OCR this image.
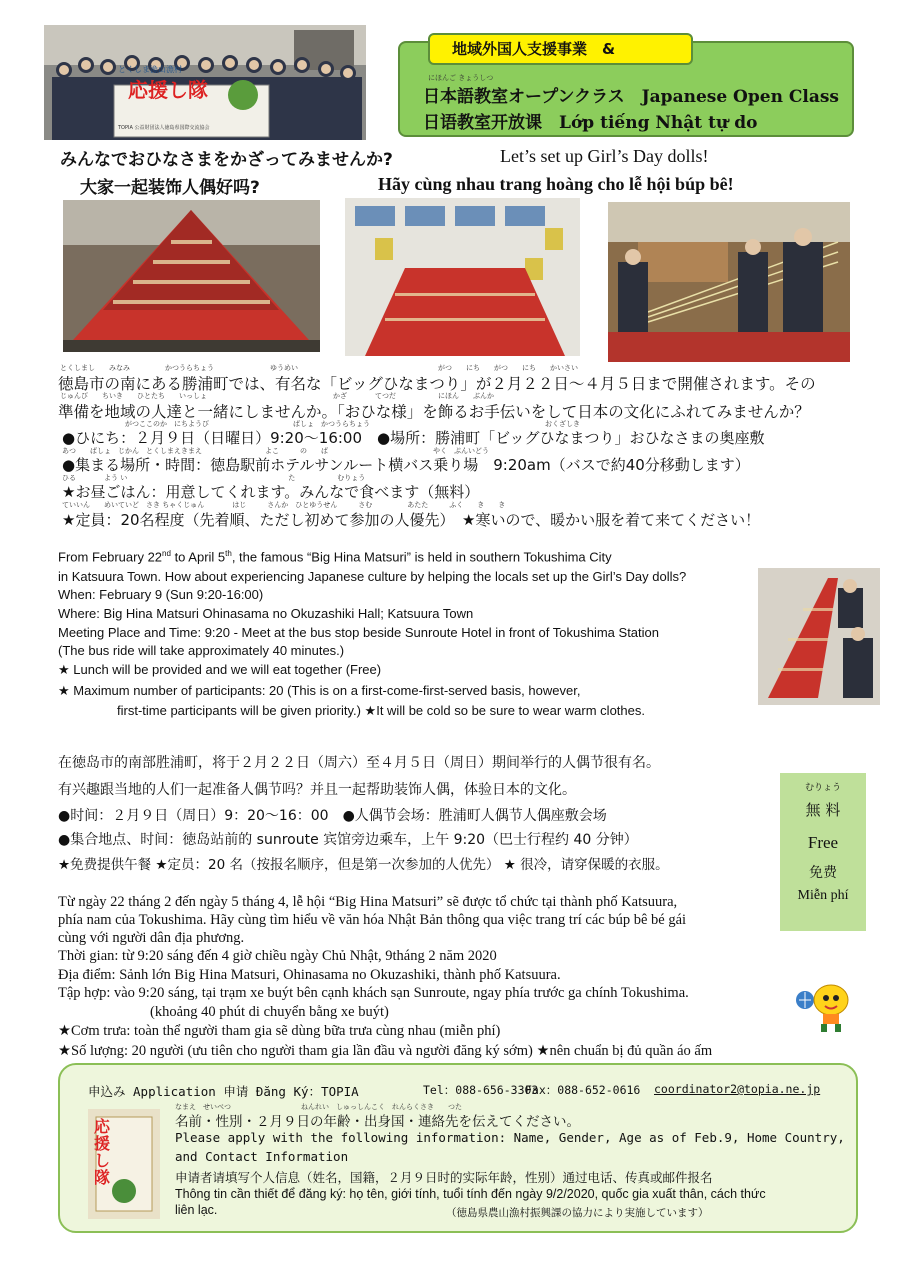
とくしま漁山漁村
応援し隊
TOPIA 公益財団法人徳島県国際交流協会
地域外国人支援事業　&
にほんご きょうしつ
日本語教室オープンクラス　Japanese Open Class
日语教室开放课　Lớp tiếng Nhật tự do
みんなでおひなさまをかざってみませんか?	Let’s set up Girl’s Day dolls!
大家一起装饰人偶好吗?	Hãy cùng nhau trang hoàng cho lễ hội búp bê!
とくしまし　　みなみ　　　　　かつうらちょう　　　　　　　　ゆうめい　　　　　　　　　　　　　　　　　　　　がつ　　にち　　がつ　　にち　　かいさい
徳島市の南にある勝浦町では、有名な「ビッグひなまつり」が２月２２日～４月５日まで開催されます。その
じゅんび　　ちいき　　ひとたち　　いっしょ　　　　　　　　　　　　　　　　　　かざ　　　　てつだ　　　　　　にほん　　ぶんか
準備を地域の人達と一緒にしませんか。「おひな様」を飾るお手伝いをして日本の文化にふれてみませんか？
　　　　　　　　　がつここのか　にちようび　　　　　　　　　　　　ばしょ　かつうらちょう　　　　　　　　　　　　　　　　　　　　　　　　　おくざしき
●ひにち：２月９日（日曜日）9:20～16:00　●場所：勝浦町「ビッグひなまつり」おひなさまの奥座敷
あつ　　ばしょ　じかん　とくしまえきまえ　　　　　　　　　よこ　　　の　　ば　　　　　　　　　　　　　　　やく　ぷんいどう
●集まる場所・時間：徳島駅前ホテルサンルート横バス乗り場　9:20am（バスで約40分移動します）
ひる　　　　よう い　　　　　　　　　　　　　　　　　　　　　　　た　　　　　　むりょう
★お昼ごはん：用意してくれます。みんなで食べます（無料）
ていいん　　めいていど　さき ちゃくじゅん　　　　はじ　　　さんか　ひとゆうせん　　　さむ　　　　　あたた　　　ふく　　き　　き
★定員：20名程度（先着順、ただし初めて参加の人優先）　★寒いので、暖かい服を着て来てください！
From February 22nd to April 5th, the famous “Big Hina Matsuri” is held in southern Tokushima City
in Katsuura Town. How about experiencing Japanese culture by helping the locals set up the Girl’s Day dolls?
When: February 9 (Sun 9:20-16:00)
Where: Big Hina Matsuri Ohinasama no Okuzashiki Hall; Katsuura Town
Meeting Place and Time: 9:20 - Meet at the bus stop beside Sunroute Hotel in front of Tokushima Station
(The bus ride will take approximately 40 minutes.)
★ Lunch will be provided and we will eat together (Free)
★ Maximum number of participants: 20 (This is on a first-come-first-served basis, however,
first-time participants will be given priority.) ★It will be cold so be sure to wear warm clothes.
在徳岛市的南部胜浦町，将于２月２２日（周六）至４月５日（周日）期间举行的人偶节很有名。
有兴趣跟当地的人们一起准备人偶节吗？并且一起帮助装饰人偶，体验日本的文化。
●时间：２月９日（周日）9：20～16：00　●人偶节会场：胜浦町人偶节人偶座敷会场
●集合地点、时间：徳岛站前的 sunroute 宾馆旁边乘车，上午 9:20（巴士行程约 40 分钟）
★免费提供午餐 ★定员：20 名（按报名顺序，但是第一次参加的人优先） ★ 很冷，请穿保暖的衣服。
むりょう
無 料
Free
免费
Miễn phí
Từ ngày 22 tháng 2 đến ngày 5 tháng 4, lễ hội “Big Hina Matsuri” sẽ được tổ chức tại thành phố Katsuura,
phía nam của Tokushima. Hãy cùng tìm hiểu về văn hóa Nhật Bản thông qua việc trang trí các búp bê bé gái
cùng với người dân địa phương.
Thời gian: từ 9:20 sáng đến 4 giờ chiều ngày Chủ Nhật, 9tháng 2 năm 2020
Địa điểm: Sảnh lớn Big Hina Matsuri, Ohinasama no Okuzashiki, thành phố Katsuura.
Tập hợp: vào 9:20 sáng, tại trạm xe buýt bên cạnh khách sạn Sunroute, ngay phía trước ga chính Tokushima.
(khoảng 40 phút di chuyển bằng xe buýt)
★Cơm trưa: toàn thể người tham gia sẽ dùng bữa trưa cùng nhau (miễn phí)
★Số lượng: 20 người (ưu tiên cho người tham gia lần đầu và người đăng ký sớm) ★nên chuẩn bị đủ quần áo ấm
申込み Application 申请 Đăng Ký：TOPIA	Tel：088-656-3303
Fax：088-652-0616 coordinator2@topia.ne.jp
応援し隊
なまえ　せいべつ　　　　　　　　　　ねんれい　しゅっしんこく　れんらくさき　　つた
名前・性別・２月９日の年齢・出身国・連絡先を伝えてください。
Please apply with the following information: Name, Gender, Age as of Feb.9, Home Country,
and Contact Information
申请者请填写个人信息（姓名，国籍，２月９日时的实际年龄，性别）通过电话、传真或邮件报名
Thông tin cần thiết để đăng ký: họ tên, giới tính, tuổi tính đến ngày 9/2/2020, quốc gia xuất thân, cách thức
liên lạc.	（徳島県農山漁村振興課の協力により実施しています）
